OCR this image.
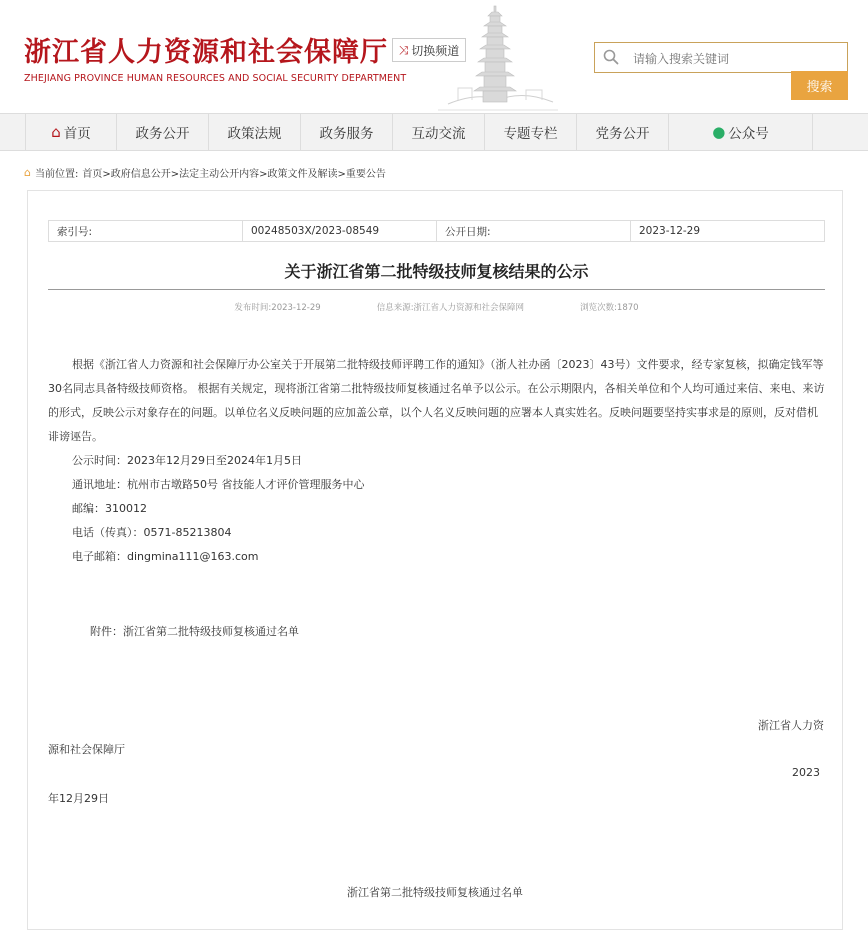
浙江省人力资源和社会保障厅
ZHEJIANG PROVINCE HUMAN RESOURCES AND SOCIAL SECURITY DEPARTMENT
⤨ 切换频道
请输入搜索关键词
搜索
⌂ 首页	政务公开	政策法规	政务服务	互动交流	专题专栏	党务公开	● 公众号
⌂ 当前位置: 首页>政府信息公开>法定主动公开内容>政策文件及解读>重要公告
索引号:	00248503X/2023-08549	公开日期:	2023-12-29
关于浙江省第二批特级技师复核结果的公示
发布时间:2023-12-29	信息来源:浙江省人力资源和社会保障网	浏览次数:1870

根据《浙江省人力资源和社会保障厅办公室关于开展第二批特级技师评聘工作的通知》（浙人社办函〔2023〕43号）文件要求，经专家复核，拟确定钱军等30名同志具备特级技师资格。 根据有关规定，现将浙江省第二批特级技师复核通过名单予以公示。在公示期限内，各相关单位和个人均可通过来信、来电、来访的形式，反映公示对象存在的问题。以单位名义反映问题的应加盖公章，以个人名义反映问题的应署本人真实姓名。反映问题要坚持实事求是的原则，反对借机诽谤诬告。

公示时间：2023年12月29日至2024年1月5日

通讯地址：杭州市古墩路50号 省技能人才评价管理服务中心

邮编：310012

电话（传真）：0571-85213804

电子邮箱：dingmina111@163.com

附件：浙江省第二批特级技师复核通过名单
浙江省人力资
源和社会保障厅
2023
年12月29日
浙江省第二批特级技师复核通过名单
